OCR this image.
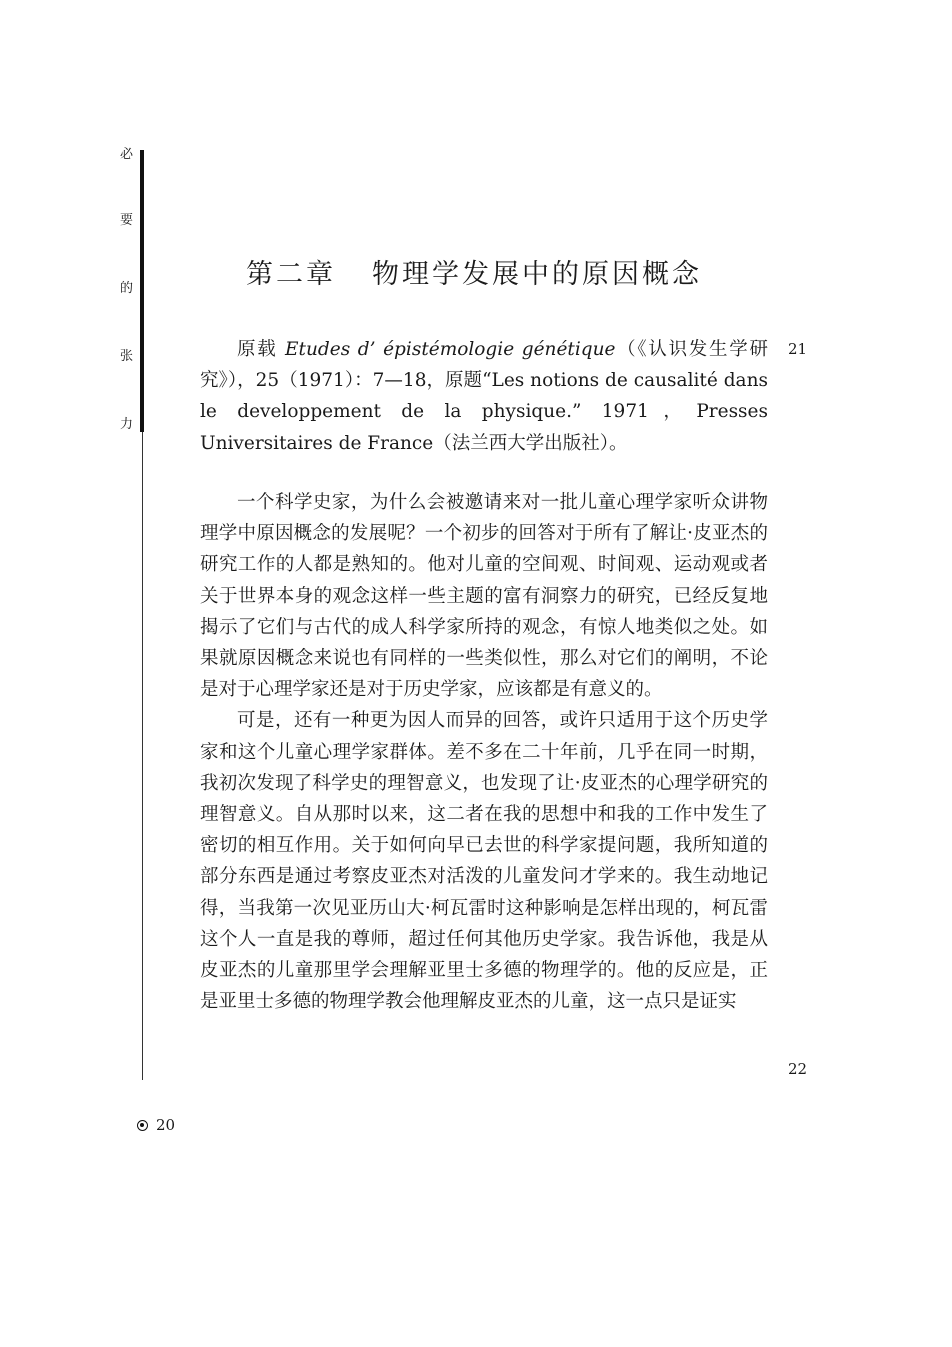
必
要
的
张
力
第二章 物理学发展中的原因概念

原载 Etudes d’ épistémologie génétique（《认识发生学研究》），25（1971）：7—18，原题“Les notions de causalité dans le developpement de la physique.” 1971，Presses Universitaires de France（法兰西大学出版社）。

一个科学史家，为什么会被邀请来对一批儿童心理学家听众讲物理学中原因概念的发展呢？一个初步的回答对于所有了解让·皮亚杰的研究工作的人都是熟知的。他对儿童的空间观、时间观、运动观或者关于世界本身的观念这样一些主题的富有洞察力的研究，已经反复地揭示了它们与古代的成人科学家所持的观念，有惊人地类似之处。如果就原因概念来说也有同样的一些类似性，那么对它们的阐明，不论是对于心理学家还是对于历史学家，应该都是有意义的。

可是，还有一种更为因人而异的回答，或许只适用于这个历史学家和这个儿童心理学家群体。差不多在二十年前，几乎在同一时期，我初次发现了科学史的理智意义，也发现了让·皮亚杰的心理学研究的理智意义。自从那时以来，这二者在我的思想中和我的工作中发生了密切的相互作用。关于如何向早已去世的科学家提问题，我所知道的部分东西是通过考察皮亚杰对活泼的儿童发问才学来的。我生动地记得，当我第一次见亚历山大·柯瓦雷时这种影响是怎样出现的，柯瓦雷这个人一直是我的尊师，超过任何其他历史学家。我告诉他，我是从皮亚杰的儿童那里学会理解亚里士多德的物理学的。他的反应是，正是亚里士多德的物理学教会他理解皮亚杰的儿童，这一点只是证实

21
22
20
